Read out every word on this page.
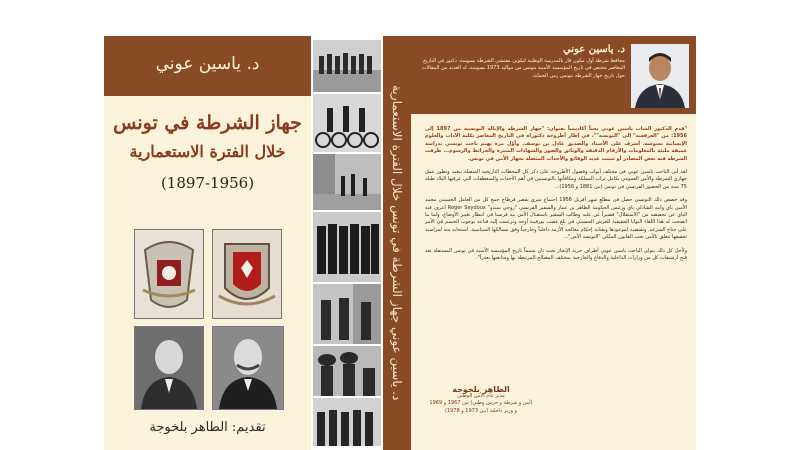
د. ياسين عوني
جهاز الشرطة في تونس
خلال الفترة الاستعمارية
(1897-1956)
تقديم: الطاهر بلخوجة
د. ياسين عوني جهاز الشرطة في تونس خلال الفترة الاستعمارية
د. ياسين عوني
محافظ شرطة أول مكون قار بالمدرسة الوطنية لتكوين مفتشي الشرطة بسوسة، دكتور في التاريخ المعاصر مختص في تاريخ المؤسسة الأمنية بتونس من مواليد 1973 بسوسة، له العديد من المقالات حول تاريخ جهاز الشرطة بتونس زمن الحماية.

"قدم الدكتور الشاب ياسين عوني بحثاً أكاديمياً بعنوان: "جهاز الشرطة والإيالة التونسية من 1897 إلى 1956: من "العرفسة" إلى "التونسة""، في إطار أطروحة دكتوراه في التاريخ المعاصر بكلية الآداب والعلوم الإنسانية بسوسة، أشرف على الأستاذ والصديق عادل بن يوسف. وأوّل مرة يهتم باحث تونسي بدراسة عميقة مليئة بالمعلومات والأرقام الدقيقة والوثائق والصور والشهادات المثيرة والخرائط والرسوم... طرقت الشرطة فيه بعض المصادر أو تثبيت عديد الوقائع والأحداث المتصلة بجهاز الأمن في تونس.

لقد أتى الباحث ياسين عوني في مختلف أبواب وفصول الأطروحة على ذكر كل المحطات التاريخية المتصلة ببعث وتطور عمل جهازي الشرطة والأمن العمومي بكامل تراب المملكة ومكافأتها بالتونسيين في أهم الأحداث والمنعطفات التي عرفتها البلاد طيلة 75 سنة من الحضور الفرنسي في تونس (بين 1881 و 1956)...

وقد خصص ذلك التونسي حصل في مطلع شهر أفريل 1956 اجتماع سري بقصر قرطاج جمع كل من العامل الحسيني محمد الأمين باي وابنه الشاذلي باي ورئيس الحكومة الطاهر بن عمار والسفير الفرنسي "روجي سيدو" Roger Seydoux أعرف فيه الباي عن تخفيضه من "الاستقلال" قصيراً عن عليه وطالب السفير باستقبال الأمن بيد فرنسا في انتظار تغيير الأوضاع، ولما ما اتضحت له هذا اللقاء النوايا الحقيقية للعرش الحسيني في بلغ غضب بورقيبة أوجه وتزعمت إليه قناعة بوجوب الحسم في الأمر على جناح السرعة. وتقتضيه لموعودها وبقناية إحكام معالجة الأزمة داخلياً وخارجياً وفق مسالكها السياسية. استحابة منه لمراسية تحقيقها تتعلق بالأمن تحت القانون الملكي "التونسة الأمن"...

ولأجل كل ذلك يتولى الباحث ياسين عوني أطراف حرية الإنجاز بحث ثان متمماً تاريخ المؤسسة الأمنية في تونس المستقلة بعد فتح أرشيفات كل من وزارات الداخلية والدفاع والخارجية بمختلف المصالح المرتبطة بها ومتابعتها بعذراً".

الطاهر بلخوجة
مدير عام الأمن الوطني
(أمن و شرطة و حرس وطني) بين 1967 و 1969
و وزير داخلية (بين 1973 و 1978)
